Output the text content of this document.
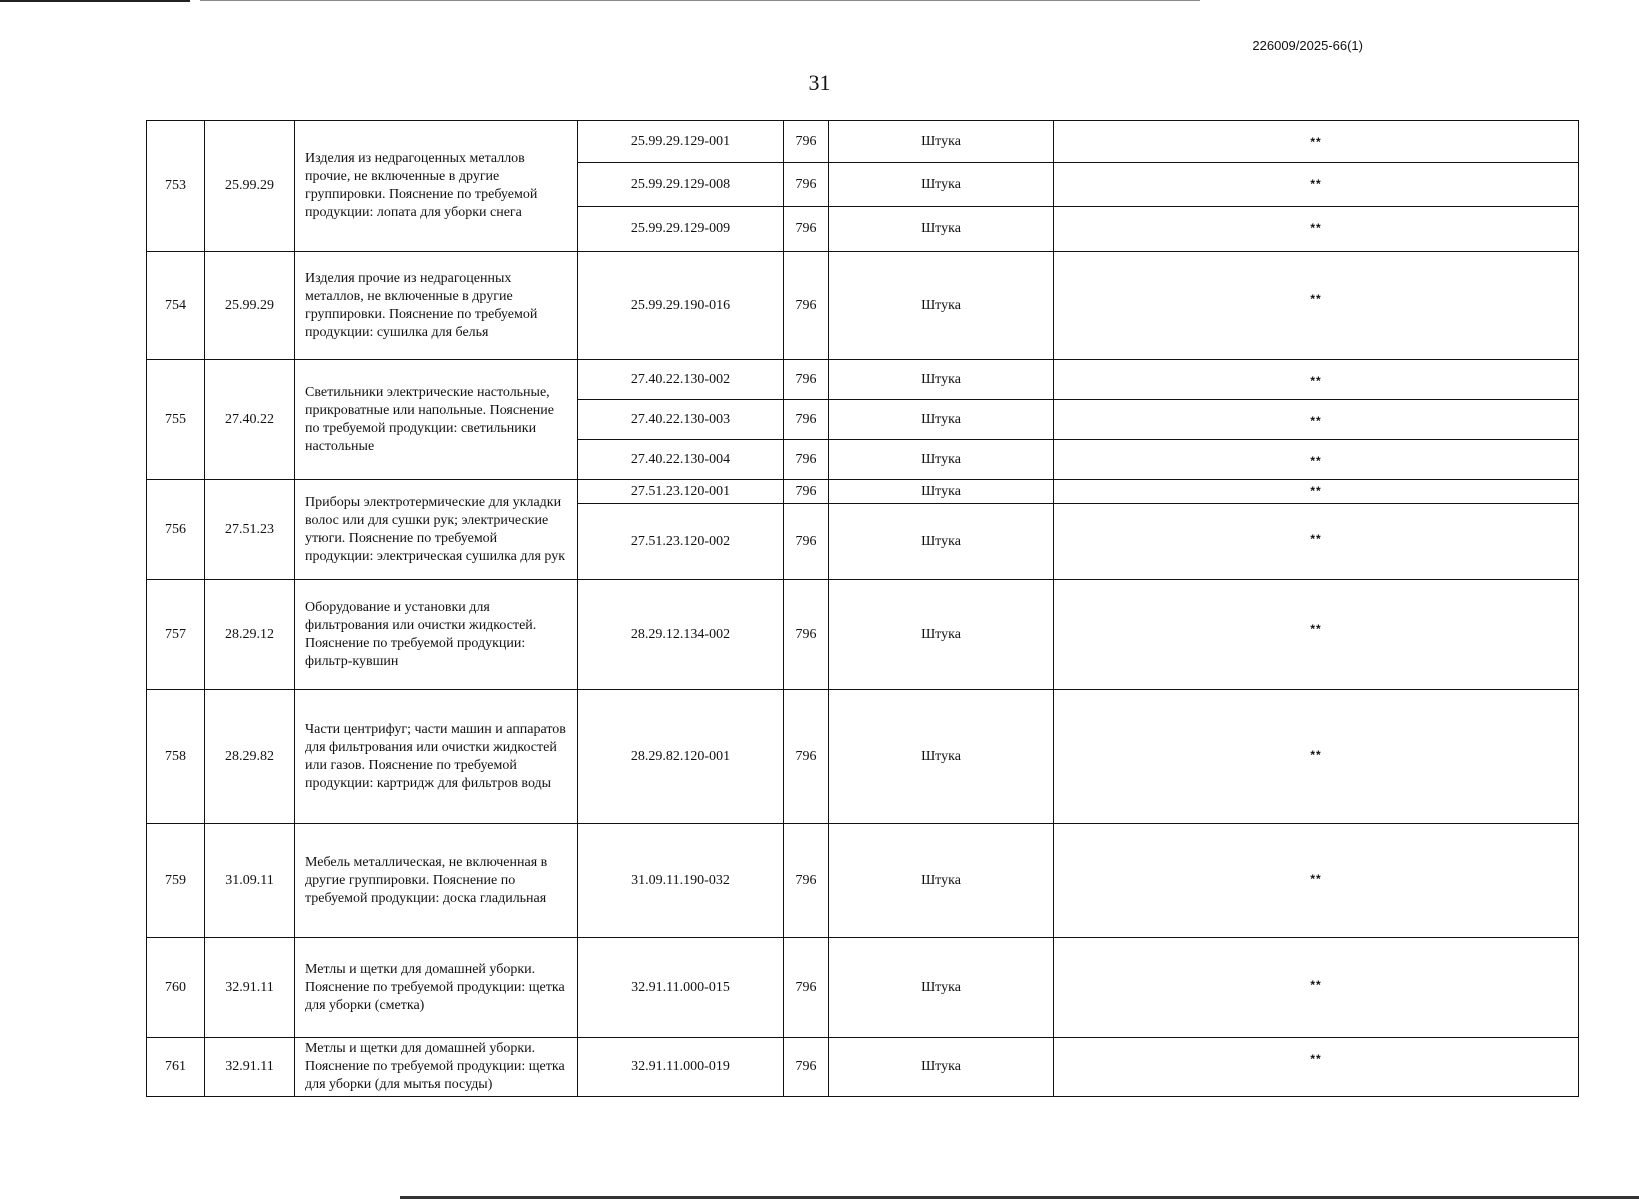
226009/2025-66(1)
31
753	25.99.29	Изделия из недрагоценных металлов прочие, не включенные в другие группировки. Пояснение по требуемой продукции: лопата для уборки снега	25.99.29.129-001	796	Штука	**
			25.99.29.129-008	796	Штука	**
			25.99.29.129-009	796	Штука	**
754	25.99.29	Изделия прочие из недрагоценных металлов, не включенные в другие группировки. Пояснение по требуемой продукции: сушилка для белья	25.99.29.190-016	796	Штука	**
755	27.40.22	Светильники электрические настольные, прикроватные или напольные. Пояснение по требуемой продукции: светильники настольные	27.40.22.130-002	796	Штука	**
			27.40.22.130-003	796	Штука	**
			27.40.22.130-004	796	Штука	**
756	27.51.23	Приборы электротермические для укладки волос или для сушки рук; электрические утюги. Пояснение по требуемой продукции: электрическая сушилка для рук	27.51.23.120-001	796	Штука	**
			27.51.23.120-002	796	Штука	**
757	28.29.12	Оборудование и установки для фильтрования или очистки жидкостей. Пояснение по требуемой продукции: фильтр-кувшин	28.29.12.134-002	796	Штука	**
758	28.29.82	Части центрифуг; части машин и аппаратов для фильтрования или очистки жидкостей или газов. Пояснение по требуемой продукции: картридж для фильтров воды	28.29.82.120-001	796	Штука	**
759	31.09.11	Мебель металлическая, не включенная в другие группировки. Пояснение по требуемой продукции: доска гладильная	31.09.11.190-032	796	Штука	**
760	32.91.11	Метлы и щетки для домашней уборки. Пояснение по требуемой продукции: щетка для уборки (сметка)	32.91.11.000-015	796	Штука	**
761	32.91.11	Метлы и щетки для домашней уборки. Пояснение по требуемой продукции: щетка для уборки (для мытья посуды)	32.91.11.000-019	796	Штука	**
